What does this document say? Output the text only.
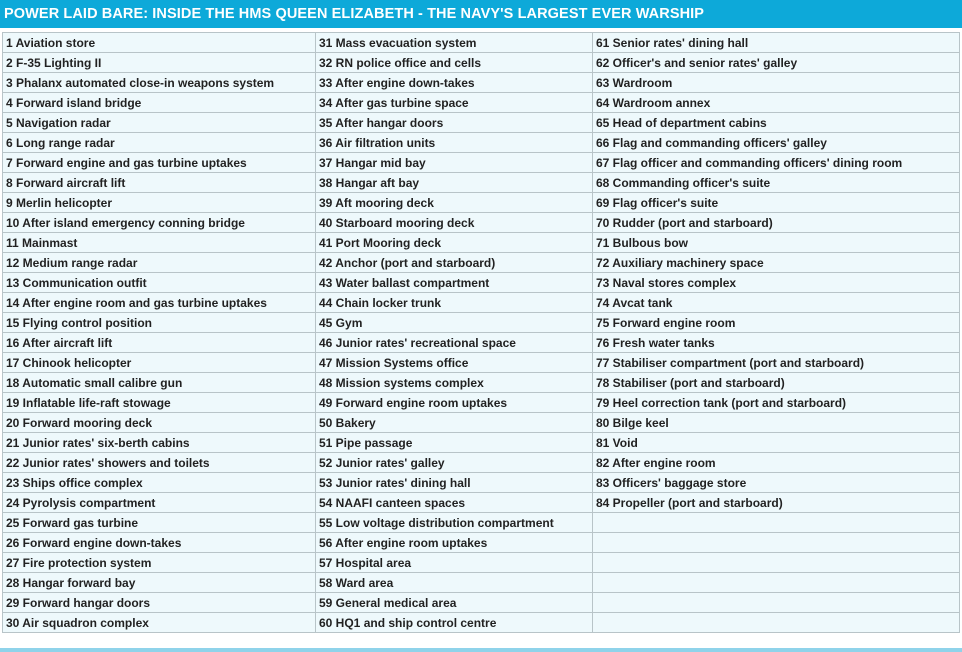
POWER LAID BARE: INSIDE THE HMS QUEEN ELIZABETH - THE NAVY'S LARGEST EVER WARSHIP
1 Aviation store	31 Mass evacuation system	61 Senior rates' dining hall
2 F-35 Lighting II	32 RN police office and cells	62 Officer's and senior rates' galley
3 Phalanx automated close-in weapons system	33 After engine down-takes	63 Wardroom
4 Forward island bridge	34 After gas turbine space	64 Wardroom annex
5 Navigation radar	35 After hangar doors	65 Head of department cabins
6 Long range radar	36 Air filtration units	66 Flag and commanding officers' galley
7 Forward engine and gas turbine uptakes	37 Hangar mid bay	67 Flag officer and commanding officers' dining room
8 Forward aircraft lift	38 Hangar aft bay	68 Commanding officer's suite
9 Merlin helicopter	39 Aft mooring deck	69 Flag officer's suite
10 After island emergency conning bridge	40 Starboard mooring deck	70 Rudder (port and starboard)
11 Mainmast	41 Port Mooring deck	71 Bulbous bow
12 Medium range radar	42 Anchor (port and starboard)	72 Auxiliary machinery space
13 Communication outfit	43 Water ballast compartment	73 Naval stores complex
14 After engine room and gas turbine uptakes	44 Chain locker trunk	74 Avcat tank
15 Flying control position	45 Gym	75 Forward engine room
16 After aircraft lift	46 Junior rates' recreational space	76 Fresh water tanks
17 Chinook helicopter	47 Mission Systems office	77 Stabiliser compartment (port and starboard)
18 Automatic small calibre gun	48 Mission systems complex	78 Stabiliser (port and starboard)
19 Inflatable life-raft stowage	49 Forward engine room uptakes	79 Heel correction tank (port and starboard)
20 Forward mooring deck	50 Bakery	80 Bilge keel
21 Junior rates' six-berth cabins	51 Pipe passage	81 Void
22 Junior rates' showers and toilets	52 Junior rates' galley	82 After engine room
23 Ships office complex	53 Junior rates' dining hall	83 Officers' baggage store
24 Pyrolysis compartment	54 NAAFI canteen spaces	84 Propeller (port and starboard)
25 Forward gas turbine	55 Low voltage distribution compartment	
26 Forward engine down-takes	56 After engine room uptakes	
27 Fire protection system	57 Hospital area	
28 Hangar forward bay	58 Ward area	
29 Forward hangar doors	59 General medical area	
30 Air squadron complex	60 HQ1 and ship control centre	
